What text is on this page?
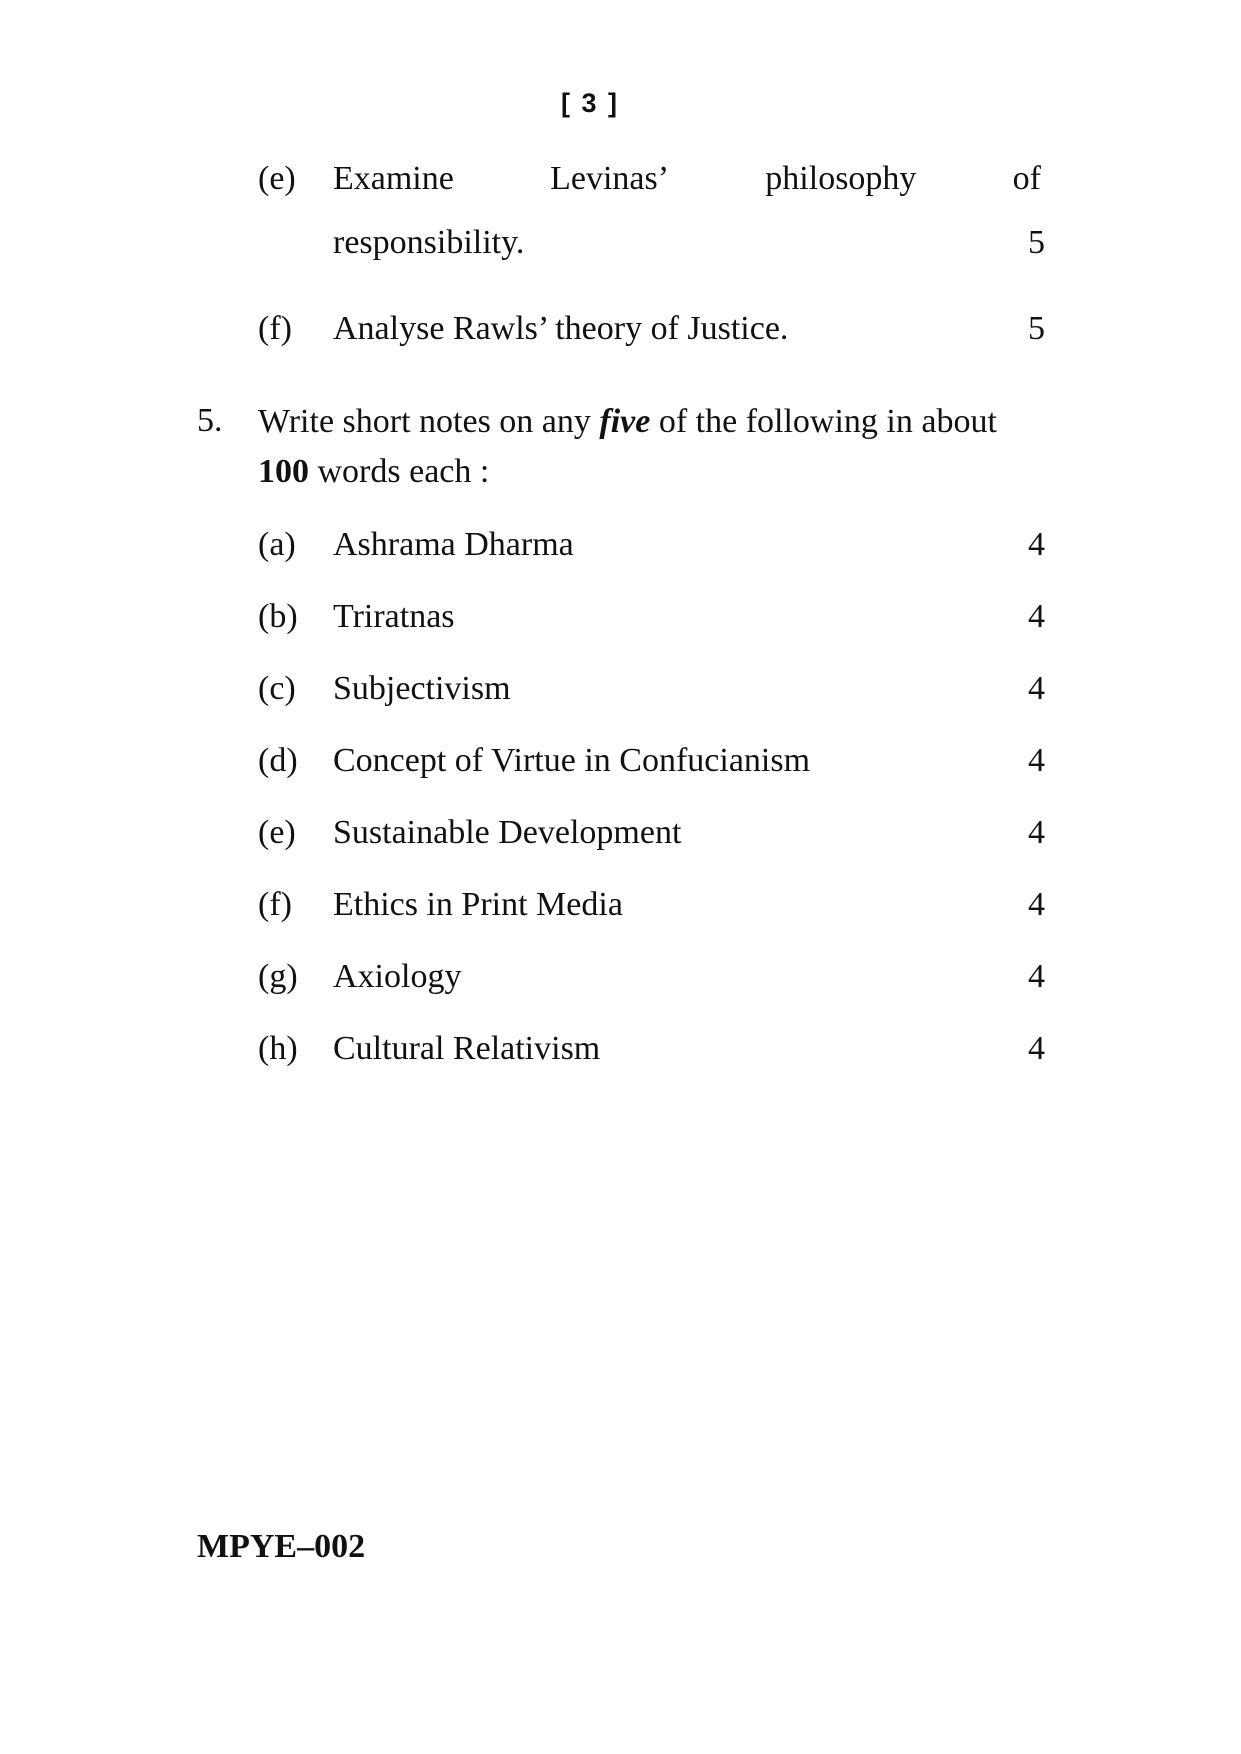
[ 3 ]
(e) Examine	Levinas’	philosophy	of
responsibility.	5
(f) Analyse Rawls’ theory of Justice.	5
5. Write short notes on any five of the following in about 100 words each :
(a) Ashrama Dharma	4
(b) Triratnas	4
(c) Subjectivism	4
(d) Concept of Virtue in Confucianism	4
(e) Sustainable Development	4
(f) Ethics in Print Media	4
(g) Axiology	4
(h) Cultural Relativism	4
MPYE–002
